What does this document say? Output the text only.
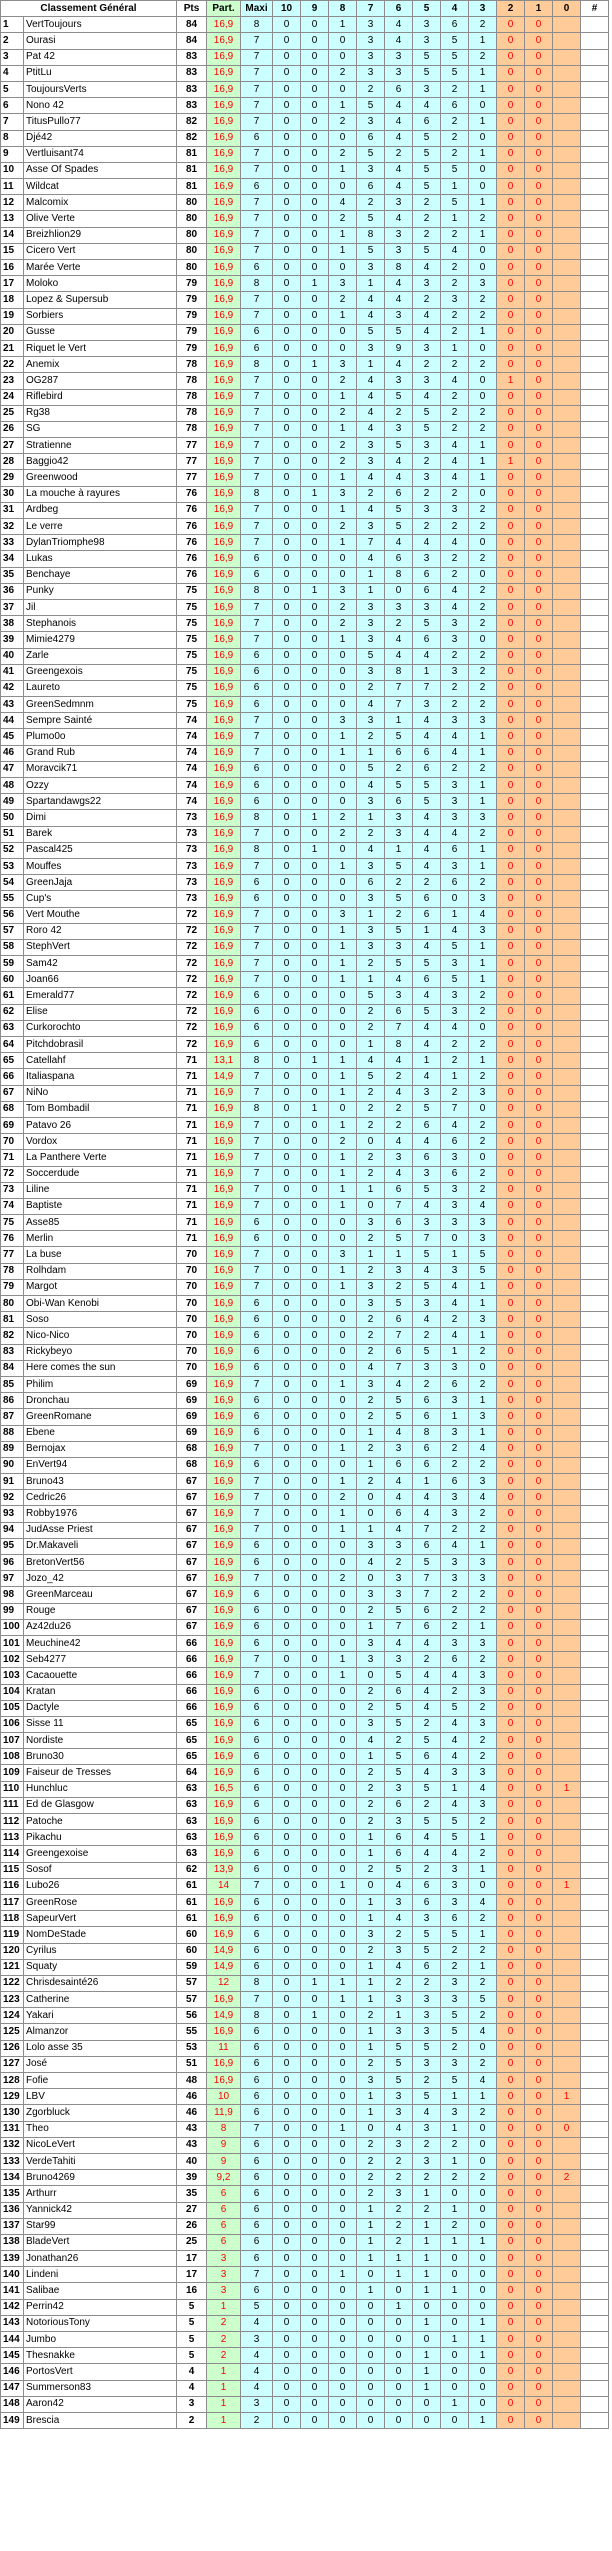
Classement Général		Pts	Part.	Maxi	10	9	8	7	6	5	4	3	2	1	0	#
1	VertToujours	84	16,9	8	0	0	1	3	4	3	6	2	0	0		
2	Ourasi	84	16,9	7	0	0	0	3	4	3	5	1	0	0		
3	Pat 42	83	16,9	7	0	0	0	3	3	5	5	2	0	0		
4	PtitLu	83	16,9	7	0	0	2	3	3	5	5	1	0	0		
5	ToujoursVerts	83	16,9	7	0	0	0	2	6	3	2	1	0	0		
6	Nono 42	83	16,9	7	0	0	1	5	4	4	6	0	0	0		
7	TitusPullo77	82	16,9	7	0	0	2	3	4	6	2	1	0	0		
8	Djé42	82	16,9	6	0	0	0	6	4	5	2	0	0	0		
9	Vertluisant74	81	16,9	7	0	0	2	5	2	5	2	1	0	0		
10	Asse Of Spades	81	16,9	7	0	0	1	3	4	5	5	0	0	0		
11	Wildcat	81	16,9	6	0	0	0	6	4	5	1	0	0	0		
12	Malcomix	80	16,9	7	0	0	4	2	3	2	5	1	0	0		
13	Olive Verte	80	16,9	7	0	0	2	5	4	2	1	2	0	0		
14	Breizhlion29	80	16,9	7	0	0	1	8	3	2	2	1	0	0		
15	Cicero Vert	80	16,9	7	0	0	1	5	3	5	4	0	0	0		
16	Marée Verte	80	16,9	6	0	0	0	3	8	4	2	0	0	0		
17	Moloko	79	16,9	8	0	1	3	1	4	3	2	3	0	0		
18	Lopez & Supersub	79	16,9	7	0	0	2	4	4	2	3	2	0	0		
19	Sorbiers	79	16,9	7	0	0	1	4	3	4	2	2	0	0		
20	Gusse	79	16,9	6	0	0	0	5	5	4	2	1	0	0		
21	Riquet le Vert	79	16,9	6	0	0	0	3	9	3	1	0	0	0		
22	Anemix	78	16,9	8	0	1	3	1	4	2	2	2	0	0		
23	OG287	78	16,9	7	0	0	2	4	3	3	4	0	1	0		
24	Riflebird	78	16,9	7	0	0	1	4	5	4	2	0	0	0		
25	Rg38	78	16,9	7	0	0	2	4	2	5	2	2	0	0		
26	SG	78	16,9	7	0	0	1	4	3	5	2	2	0	0		
27	Stratienne	77	16,9	7	0	0	2	3	5	3	4	1	0	0		
28	Baggio42	77	16,9	7	0	0	2	3	4	2	4	1	1	0		
29	Greenwood	77	16,9	7	0	0	1	4	4	3	4	1	0	0		
30	La mouche à rayures	76	16,9	8	0	1	3	2	6	2	2	0	0	0		
31	Ardbeg	76	16,9	7	0	0	1	4	5	3	3	2	0	0		
32	Le verre	76	16,9	7	0	0	2	3	5	2	2	2	0	0		
33	DylanTriomphe98	76	16,9	7	0	0	1	7	4	4	4	0	0	0		
34	Lukas	76	16,9	6	0	0	0	4	6	3	2	2	0	0		
35	Benchaye	76	16,9	6	0	0	0	1	8	6	2	0	0	0		
36	Punky	75	16,9	8	0	1	3	1	0	6	4	2	0	0		
37	Jil	75	16,9	7	0	0	2	3	3	3	4	2	0	0		
38	Stephanois	75	16,9	7	0	0	2	3	2	5	3	2	0	0		
39	Mimie4279	75	16,9	7	0	0	1	3	4	6	3	0	0	0		
40	Zarle	75	16,9	6	0	0	0	5	4	4	2	2	0	0		
41	Greengexois	75	16,9	6	0	0	0	3	8	1	3	2	0	0		
42	Laureto	75	16,9	6	0	0	0	2	7	7	2	2	0	0		
43	GreenSedmnm	75	16,9	6	0	0	0	4	7	3	2	2	0	0		
44	Sempre Sainté	74	16,9	7	0	0	3	3	1	4	3	3	0	0		
45	Plumo0o	74	16,9	7	0	0	1	2	5	4	4	1	0	0		
46	Grand Rub	74	16,9	7	0	0	1	1	6	6	4	1	0	0		
47	Moravcik71	74	16,9	6	0	0	0	5	2	6	2	2	0	0		
48	Ozzy	74	16,9	6	0	0	0	4	5	5	3	1	0	0		
49	Spartandawgs22	74	16,9	6	0	0	0	3	6	5	3	1	0	0		
50	Dimi	73	16,9	8	0	1	2	1	3	4	3	3	0	0		
51	Barek	73	16,9	7	0	0	2	2	3	4	4	2	0	0		
52	Pascal425	73	16,9	8	0	1	0	4	1	4	6	1	0	0		
53	Mouffes	73	16,9	7	0	0	1	3	5	4	3	1	0	0		
54	GreenJaja	73	16,9	6	0	0	0	6	2	2	6	2	0	0		
55	Cup's	73	16,9	6	0	0	0	3	5	6	0	3	0	0		
56	Vert Mouthe	72	16,9	7	0	0	3	1	2	6	1	4	0	0		
57	Roro 42	72	16,9	7	0	0	1	3	5	1	4	3	0	0		
58	StephVert	72	16,9	7	0	0	1	3	3	4	5	1	0	0		
59	Sam42	72	16,9	7	0	0	1	2	5	5	3	1	0	0		
60	Joan66	72	16,9	7	0	0	1	1	4	6	5	1	0	0		
61	Emerald77	72	16,9	6	0	0	0	5	3	4	3	2	0	0		
62	Elise	72	16,9	6	0	0	0	2	6	5	3	2	0	0		
63	Curkorochto	72	16,9	6	0	0	0	2	7	4	4	0	0	0		
64	Pitchdobrasil	72	16,9	6	0	0	0	1	8	4	2	2	0	0		
65	Catellahf	71	13,1	8	0	1	1	4	4	1	2	1	0	0		
66	Italiaspana	71	14,9	7	0	0	1	5	2	4	1	2	0	0		
67	NiNo	71	16,9	7	0	0	1	2	4	3	2	3	0	0		
68	Tom Bombadil	71	16,9	8	0	1	0	2	2	5	7	0	0	0		
69	Patavo 26	71	16,9	7	0	0	1	2	2	6	4	2	0	0		
70	Vordox	71	16,9	7	0	0	2	0	4	4	6	2	0	0		
71	La Panthere Verte	71	16,9	7	0	0	1	2	3	6	3	0	0	0		
72	Soccerdude	71	16,9	7	0	0	1	2	4	3	6	2	0	0		
73	Liline	71	16,9	7	0	0	1	1	6	5	3	2	0	0		
74	Baptiste	71	16,9	7	0	0	1	0	7	4	3	4	0	0		
75	Asse85	71	16,9	6	0	0	0	3	6	3	3	3	0	0		
76	Merlin	71	16,9	6	0	0	0	2	5	7	0	3	0	0		
77	La buse	70	16,9	7	0	0	3	1	1	5	1	5	0	0		
78	Rolhdam	70	16,9	7	0	0	1	2	3	4	3	5	0	0		
79	Margot	70	16,9	7	0	0	1	3	2	5	4	1	0	0		
80	Obi-Wan Kenobi	70	16,9	6	0	0	0	3	5	3	4	1	0	0		
81	Soso	70	16,9	6	0	0	0	2	6	4	2	3	0	0		
82	Nico-Nico	70	16,9	6	0	0	0	2	7	2	4	1	0	0		
83	Rickybeyo	70	16,9	6	0	0	0	2	6	5	1	2	0	0		
84	Here comes the sun	70	16,9	6	0	0	0	4	7	3	3	0	0	0		
85	Philim	69	16,9	7	0	0	1	3	4	2	6	2	0	0		
86	Dronchau	69	16,9	6	0	0	0	2	5	6	3	1	0	0		
87	GreenRomane	69	16,9	6	0	0	0	2	5	6	1	3	0	0		
88	Ebene	69	16,9	6	0	0	0	1	4	8	3	1	0	0		
89	Bernojax	68	16,9	7	0	0	1	2	3	6	2	4	0	0		
90	EnVert94	68	16,9	6	0	0	0	1	6	6	2	2	0	0		
91	Bruno43	67	16,9	7	0	0	1	2	4	1	6	3	0	0		
92	Cedric26	67	16,9	7	0	0	2	0	4	4	3	4	0	0		
93	Robby1976	67	16,9	7	0	0	1	0	6	4	3	2	0	0		
94	JudAsse Priest	67	16,9	7	0	0	1	1	4	7	2	2	0	0		
95	Dr.Makaveli	67	16,9	6	0	0	0	3	3	6	4	1	0	0		
96	BretonVert56	67	16,9	6	0	0	0	4	2	5	3	3	0	0		
97	Jozo_42	67	16,9	7	0	0	2	0	3	7	3	3	0	0		
98	GreenMarceau	67	16,9	6	0	0	0	3	3	7	2	2	0	0		
99	Rouge	67	16,9	6	0	0	0	2	5	6	2	2	0	0		
100	Az42du26	67	16,9	6	0	0	0	1	7	6	2	1	0	0		
101	Meuchine42	66	16,9	6	0	0	0	3	4	4	3	3	0	0		
102	Seb4277	66	16,9	7	0	0	1	3	3	2	6	2	0	0		
103	Cacaouette	66	16,9	7	0	0	1	0	5	4	4	3	0	0		
104	Kratan	66	16,9	6	0	0	0	2	6	4	2	3	0	0		
105	Dactyle	66	16,9	6	0	0	0	2	5	4	5	2	0	0		
106	Sisse 11	65	16,9	6	0	0	0	3	5	2	4	3	0	0		
107	Nordiste	65	16,9	6	0	0	0	4	2	5	4	2	0	0		
108	Bruno30	65	16,9	6	0	0	0	1	5	6	4	2	0	0		
109	Faiseur de Tresses	64	16,9	6	0	0	0	2	5	4	3	3	0	0		
110	Hunchluc	63	16,5	6	0	0	0	2	3	5	1	4	0	0	1	
111	Ed de Glasgow	63	16,9	6	0	0	0	2	6	2	4	3	0	0		
112	Patoche	63	16,9	6	0	0	0	2	3	5	5	2	0	0		
113	Pikachu	63	16,9	6	0	0	0	1	6	4	5	1	0	0		
114	Greengexoise	63	16,9	6	0	0	0	1	6	4	4	2	0	0		
115	Sosof	62	13,9	6	0	0	0	2	5	2	3	1	0	0		
116	Lubo26	61	14	7	0	0	1	0	4	6	3	0	0	0	1	
117	GreenRose	61	16,9	6	0	0	0	1	3	6	3	4	0	0		
118	SapeurVert	61	16,9	6	0	0	0	1	4	3	6	2	0	0		
119	NomDeStade	60	16,9	6	0	0	0	3	2	5	5	1	0	0		
120	Cyrilus	60	14,9	6	0	0	0	2	3	5	2	2	0	0		
121	Squaty	59	14,9	6	0	0	0	1	4	6	2	1	0	0		
122	Chrisdesainté26	57	12	8	0	1	1	1	2	2	3	2	0	0		
123	Catherine	57	16,9	7	0	0	1	1	3	3	3	5	0	0		
124	Yakari	56	14,9	8	0	1	0	2	1	3	5	2	0	0		
125	Almanzor	55	16,9	6	0	0	0	1	3	3	5	4	0	0		
126	Lolo asse 35	53	11	6	0	0	0	1	5	5	2	0	0	0		
127	José	51	16,9	6	0	0	0	2	5	3	3	2	0	0		
128	Fofie	48	16,9	6	0	0	0	3	5	2	5	4	0	0		
129	LBV	46	10	6	0	0	0	1	3	5	1	1	0	0	1	
130	Zgorbluck	46	11,9	6	0	0	0	1	3	4	3	2	0	0		
131	Theo	43	8	7	0	0	1	0	4	3	1	0	0	0	0	
132	NicoLeVert	43	9	6	0	0	0	2	3	2	2	0	0	0		
133	VerdeTahiti	40	9	6	0	0	0	2	2	3	1	0	0	0		
134	Bruno4269	39	9,2	6	0	0	0	2	2	2	2	2	0	0	2	
135	Arthurr	35	6	6	0	0	0	2	3	1	0	0	0	0		
136	Yannick42	27	6	6	0	0	0	1	2	2	1	0	0	0		
137	Star99	26	6	6	0	0	0	1	2	1	2	0	0	0		
138	BladeVert	25	6	6	0	0	0	1	2	1	1	1	0	0		
139	Jonathan26	17	3	6	0	0	0	1	1	1	0	0	0	0		
140	Lindeni	17	3	7	0	0	1	0	1	1	0	0	0	0		
141	Salibae	16	3	6	0	0	0	1	0	1	1	0	0	0		
142	Perrin42	5	1	5	0	0	0	0	1	0	0	0	0	0		
143	NotoriousTony	5	2	4	0	0	0	0	0	1	0	1	0	0		
144	Jumbo	5	2	3	0	0	0	0	0	0	1	1	0	0		
145	Thesnakke	5	2	4	0	0	0	0	0	1	0	1	0	0		
146	PortosVert	4	1	4	0	0	0	0	0	1	0	0	0	0		
147	Summerson83	4	1	4	0	0	0	0	0	1	0	0	0	0		
148	Aaron42	3	1	3	0	0	0	0	0	0	1	0	0	0		
149	Brescia	2	1	2	0	0	0	0	0	0	0	1	0	0		
